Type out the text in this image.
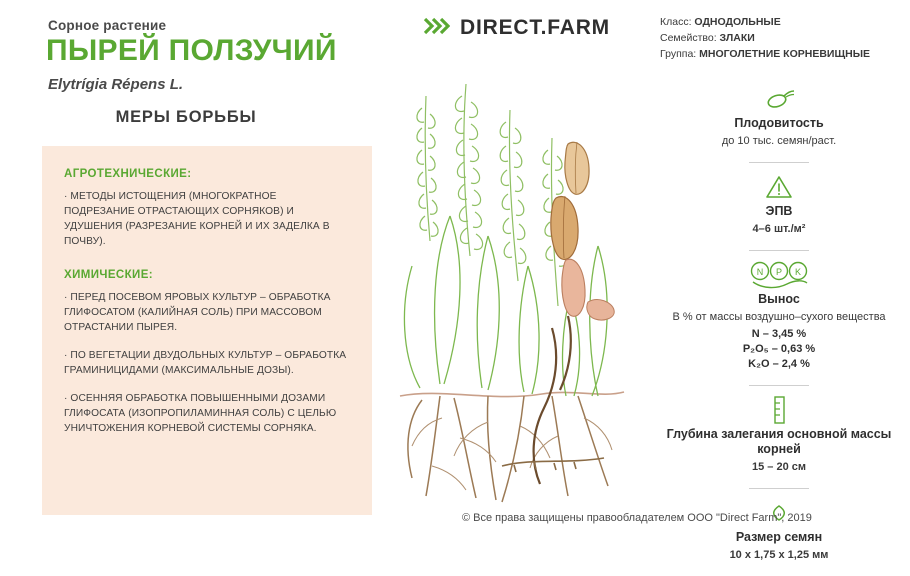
Сорное растение
ПЫРЕЙ ПОЛЗУЧИЙ
Elytrígia Répens L.
МЕРЫ БОРЬБЫ
АГРОТЕХНИЧЕСКИЕ:
· МЕТОДЫ ИСТОЩЕНИЯ (МНОГОКРАТНОЕ ПОДРЕЗАНИЕ ОТРАСТАЮЩИХ СОРНЯКОВ) И УДУШЕНИЯ (РАЗРЕЗАНИЕ КОРНЕЙ И ИХ ЗАДЕЛКА В ПОЧВУ).
ХИМИЧЕСКИЕ:
· ПЕРЕД ПОСЕВОМ ЯРОВЫХ КУЛЬТУР – ОБРАБОТКА ГЛИФОСАТОМ (КАЛИЙНАЯ СОЛЬ) ПРИ МАССОВОМ ОТРАСТАНИИ ПЫРЕЯ.
· ПО ВЕГЕТАЦИИ ДВУДОЛЬНЫХ КУЛЬТУР – ОБРАБОТКА ГРАМИНИЦИДАМИ (МАКСИМАЛЬНЫЕ ДОЗЫ).
· ОСЕННЯЯ ОБРАБОТКА ПОВЫШЕННЫМИ ДОЗАМИ ГЛИФОСАТА (ИЗОПРОПИЛАМИННАЯ СОЛЬ) С ЦЕЛЬЮ УНИЧТОЖЕНИЯ КОРНЕВОЙ СИСТЕМЫ СОРНЯКА.
DIRECT.FARM	Класс: ОДНОДОЛЬНЫЕ
Семейство: ЗЛАКИ
Группа: МНОГОЛЕТНИЕ КОРНЕВИЩНЫЕ
Плодовитость
до 10 тыс. семян/раст.
ЭПВ
4–6 шт./м²
N P K
Вынос
В % от массы воздушно–сухого вещества
N – 3,45 %
P₂O₅ – 0,63 %
K₂O – 2,4 %
Глубина залегания основной массы корней
15 – 20 см
Размер семян
10 х 1,75 х 1,25 мм
© Все права защищены правообладателем ООО "Direct Farm", 2019
